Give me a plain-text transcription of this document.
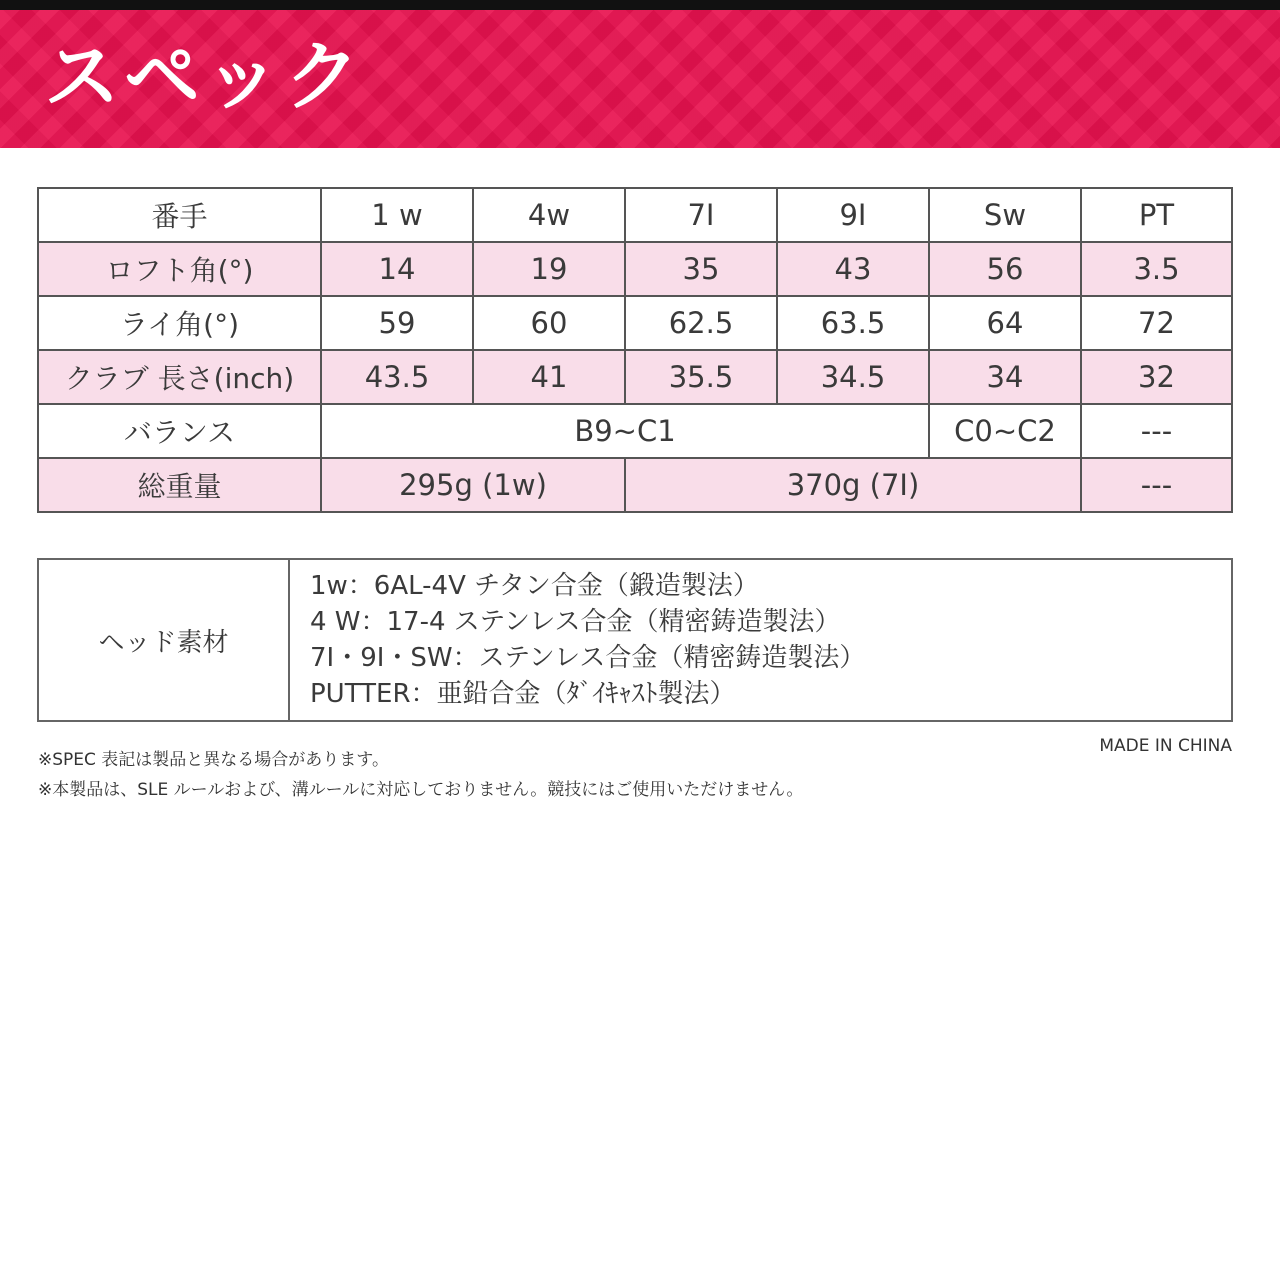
スペック
番手	1 w	4w	7I	9I	Sw	PT
ロフト角(°)	14	19	35	43	56	3.5
ライ角(°)	59	60	62.5	63.5	64	72
クラブ 長さ(inch)	43.5	41	35.5	34.5	34	32
バランス	B9~C1				C0~C2	---
総重量	295g (1w)		370g (7I)			---
ヘッド素材	
1w：6AL-4V チタン合金（鍛造製法）
4 W：17-4 ステンレス合金（精密鋳造製法）
7I・9I・SW：ステンレス合金（精密鋳造製法）
PUTTER：亜鉛合金（ﾀﾞｲｷｬｽﾄ製法）
※SPEC 表記は製品と異なる場合があります。
※本製品は、SLE ルールおよび、溝ルールに対応しておりません。競技にはご使用いただけません。
MADE IN CHINA
